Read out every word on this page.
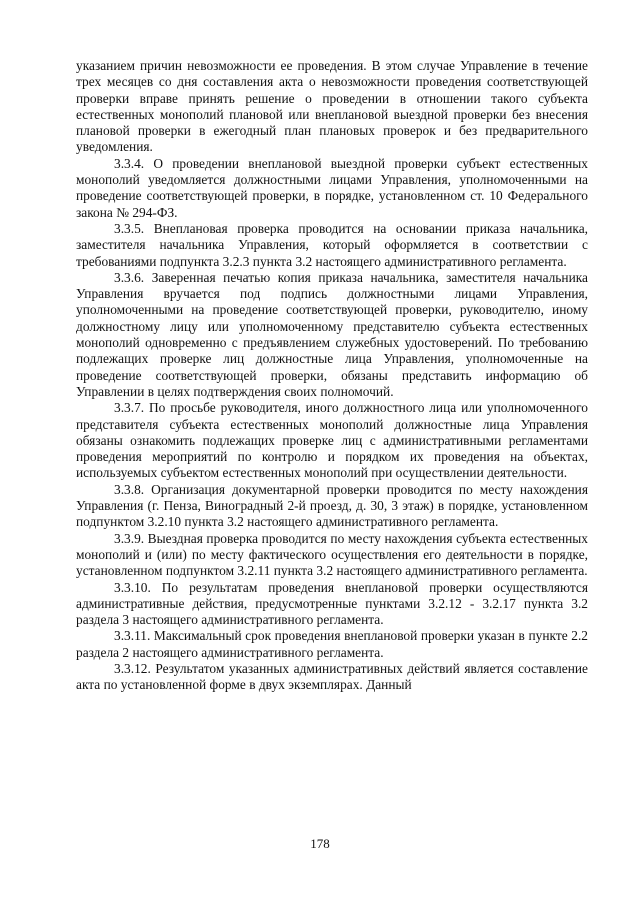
указанием причин невозможности ее проведения. В этом случае Управление в течение трех месяцев со дня составления акта о невозможности проведения соответствующей проверки вправе принять решение о проведении в отношении такого субъекта естественных монополий плановой или внеплановой выездной проверки без внесения плановой проверки в ежегодный план плановых проверок и без предварительного уведомления.

3.3.4. О проведении внеплановой выездной проверки субъект естественных монополий уведомляется должностными лицами Управления, уполномоченными на проведение соответствующей проверки, в порядке, установленном ст. 10 Федерального закона № 294-ФЗ.

3.3.5. Внеплановая проверка проводится на основании приказа начальника, заместителя начальника Управления, который оформляется в соответствии с требованиями подпункта 3.2.3 пункта 3.2 настоящего административного регламента.

3.3.6. Заверенная печатью копия приказа начальника, заместителя начальника Управления вручается под подпись должностными лицами Управления, уполномоченными на проведение соответствующей проверки, руководителю, иному должностному лицу или уполномоченному представителю субъекта естественных монополий одновременно с предъявлением служебных удостоверений. По требованию подлежащих проверке лиц должностные лица Управления, уполномоченные на проведение соответствующей проверки, обязаны представить информацию об Управлении в целях подтверждения своих полномочий.

3.3.7. По просьбе руководителя, иного должностного лица или уполномоченного представителя субъекта естественных монополий должностные лица Управления обязаны ознакомить подлежащих проверке лиц с административными регламентами проведения мероприятий по контролю и порядком их проведения на объектах, используемых субъектом естественных монополий при осуществлении деятельности.

3.3.8. Организация документарной проверки проводится по месту нахождения Управления (г. Пенза, Виноградный 2-й проезд, д. 30, 3 этаж) в порядке, установленном подпунктом 3.2.10 пункта 3.2 настоящего административного регламента.

3.3.9. Выездная проверка проводится по месту нахождения субъекта естественных монополий и (или) по месту фактического осуществления его деятельности в порядке, установленном подпунктом 3.2.11 пункта 3.2 настоящего административного регламента.

3.3.10. По результатам проведения внеплановой проверки осуществляются административные действия, предусмотренные пунктами 3.2.12 - 3.2.17 пункта 3.2 раздела 3 настоящего административного регламента.

3.3.11. Максимальный срок проведения внеплановой проверки указан в пункте 2.2 раздела 2 настоящего административного регламента.

3.3.12. Результатом указанных административных действий является составление акта по установленной форме в двух экземплярах. Данный

178
